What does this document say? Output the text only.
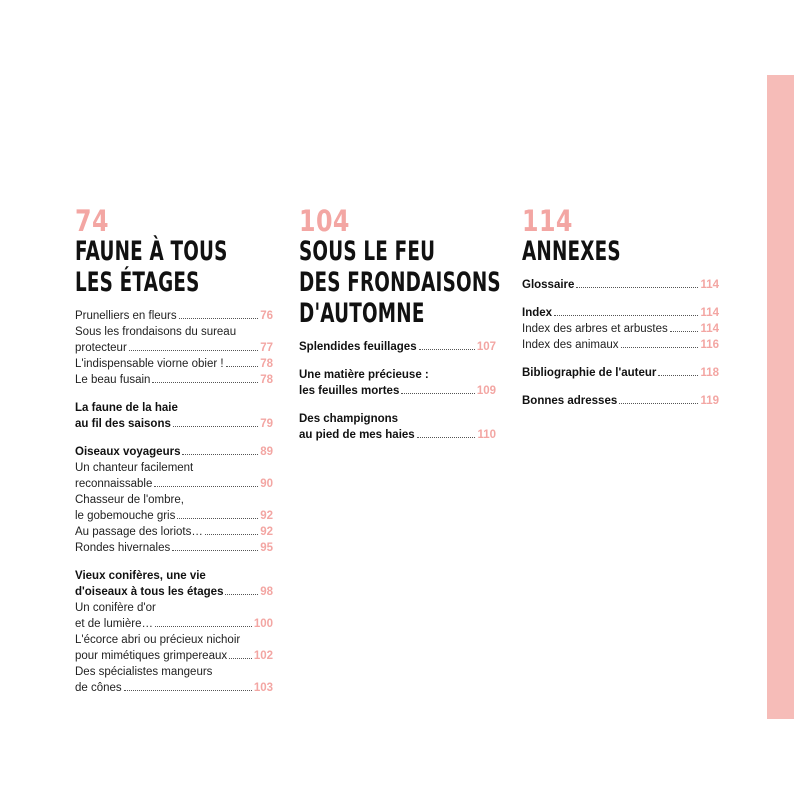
74
FAUNE À TOUS
LES ÉTAGES
Prunelliers en fleurs	76
Sous les frondaisons du sureau
protecteur	77
L'indispensable viorne obier !	78
Le beau fusain	78
La faune de la haie
au fil des saisons	79
Oiseaux voyageurs	89
Un chanteur facilement
reconnaissable	90
Chasseur de l'ombre,
le gobemouche gris	92
Au passage des loriots…	92
Rondes hivernales	95
Vieux conifères, une vie
d'oiseaux à tous les étages	98
Un conifère d'or
et de lumière…	100
L'écorce abri ou précieux nichoir
pour mimétiques grimpereaux 102
Des spécialistes mangeurs
de cônes	103
104
SOUS LE FEU
DES FRONDAISONS
D'AUTOMNE
Splendides feuillages	107
Une matière précieuse :
les feuilles mortes	109
Des champignons
au pied de mes haies	110
114
ANNEXES
Glossaire	114
Index	114
Index des arbres et arbustes	114
Index des animaux	116
Bibliographie de l'auteur	118
Bonnes adresses	119
